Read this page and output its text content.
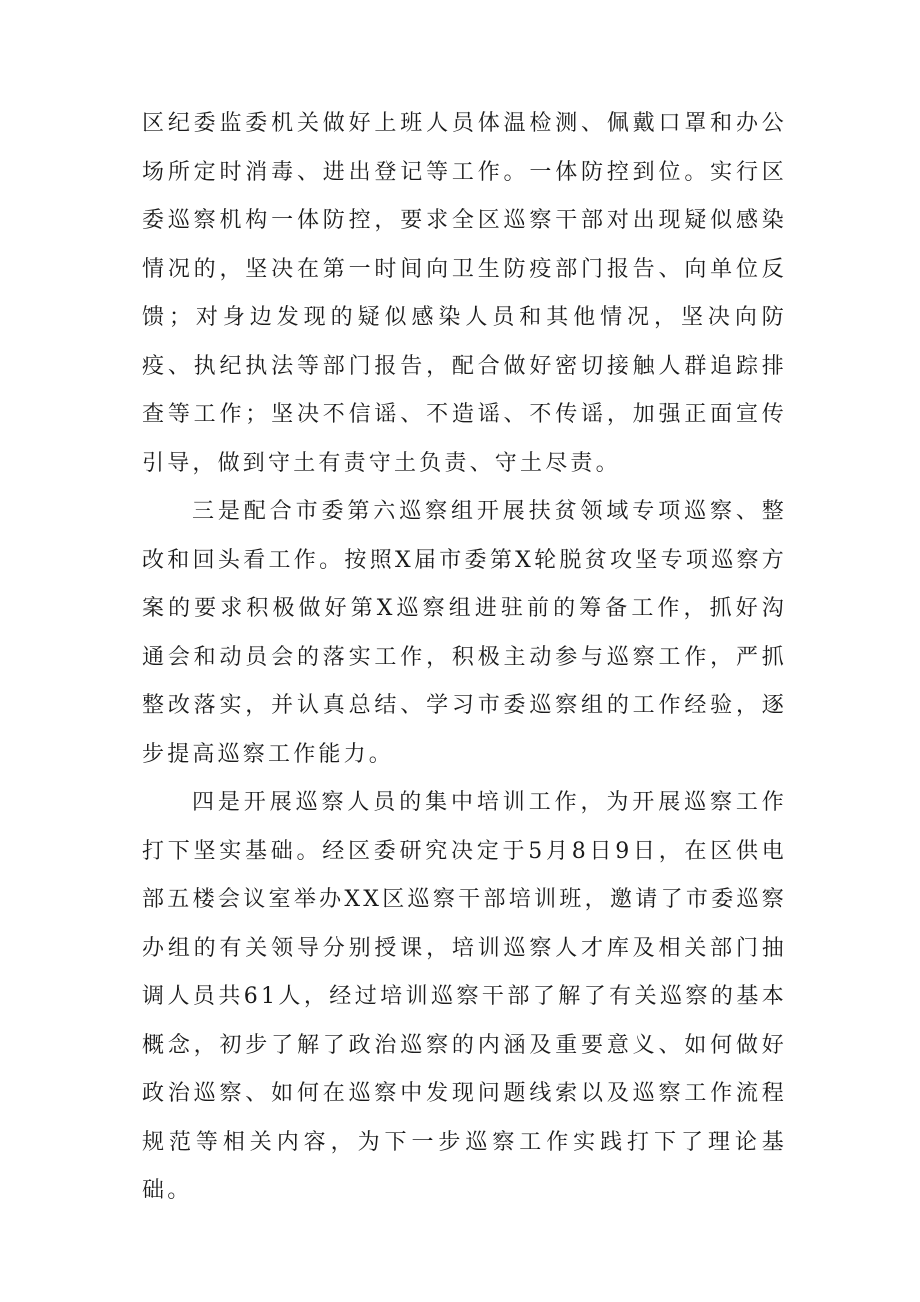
区纪委监委机关做好上班人员体温检测、佩戴口罩和办公场所定时消毒、进出登记等工作。一体防控到位。实行区委巡察机构一体防控，要求全区巡察干部对出现疑似感染情况的，坚决在第一时间向卫生防疫部门报告、向单位反馈；对身边发现的疑似感染人员和其他情况，坚决向防疫、执纪执法等部门报告，配合做好密切接触人群追踪排查等工作；坚决不信谣、不造谣、不传谣，加强正面宣传引导，做到守土有责守土负责、守土尽责。

三是配合市委第六巡察组开展扶贫领域专项巡察、整改和回头看工作。按照X届市委第X轮脱贫攻坚专项巡察方案的要求积极做好第X巡察组进驻前的筹备工作，抓好沟通会和动员会的落实工作，积极主动参与巡察工作，严抓整改落实，并认真总结、学习市委巡察组的工作经验，逐步提高巡察工作能力。

四是开展巡察人员的集中培训工作，为开展巡察工作打下坚实基础。经区委研究决定于5月8日9日，在区供电部五楼会议室举办XX区巡察干部培训班，邀请了市委巡察办组的有关领导分别授课，培训巡察人才库及相关部门抽调人员共61人，经过培训巡察干部了解了有关巡察的基本概念，初步了解了政治巡察的内涵及重要意义、如何做好政治巡察、如何在巡察中发现问题线索以及巡察工作流程规范等相关内容，为下一步巡察工作实践打下了理论基础。
